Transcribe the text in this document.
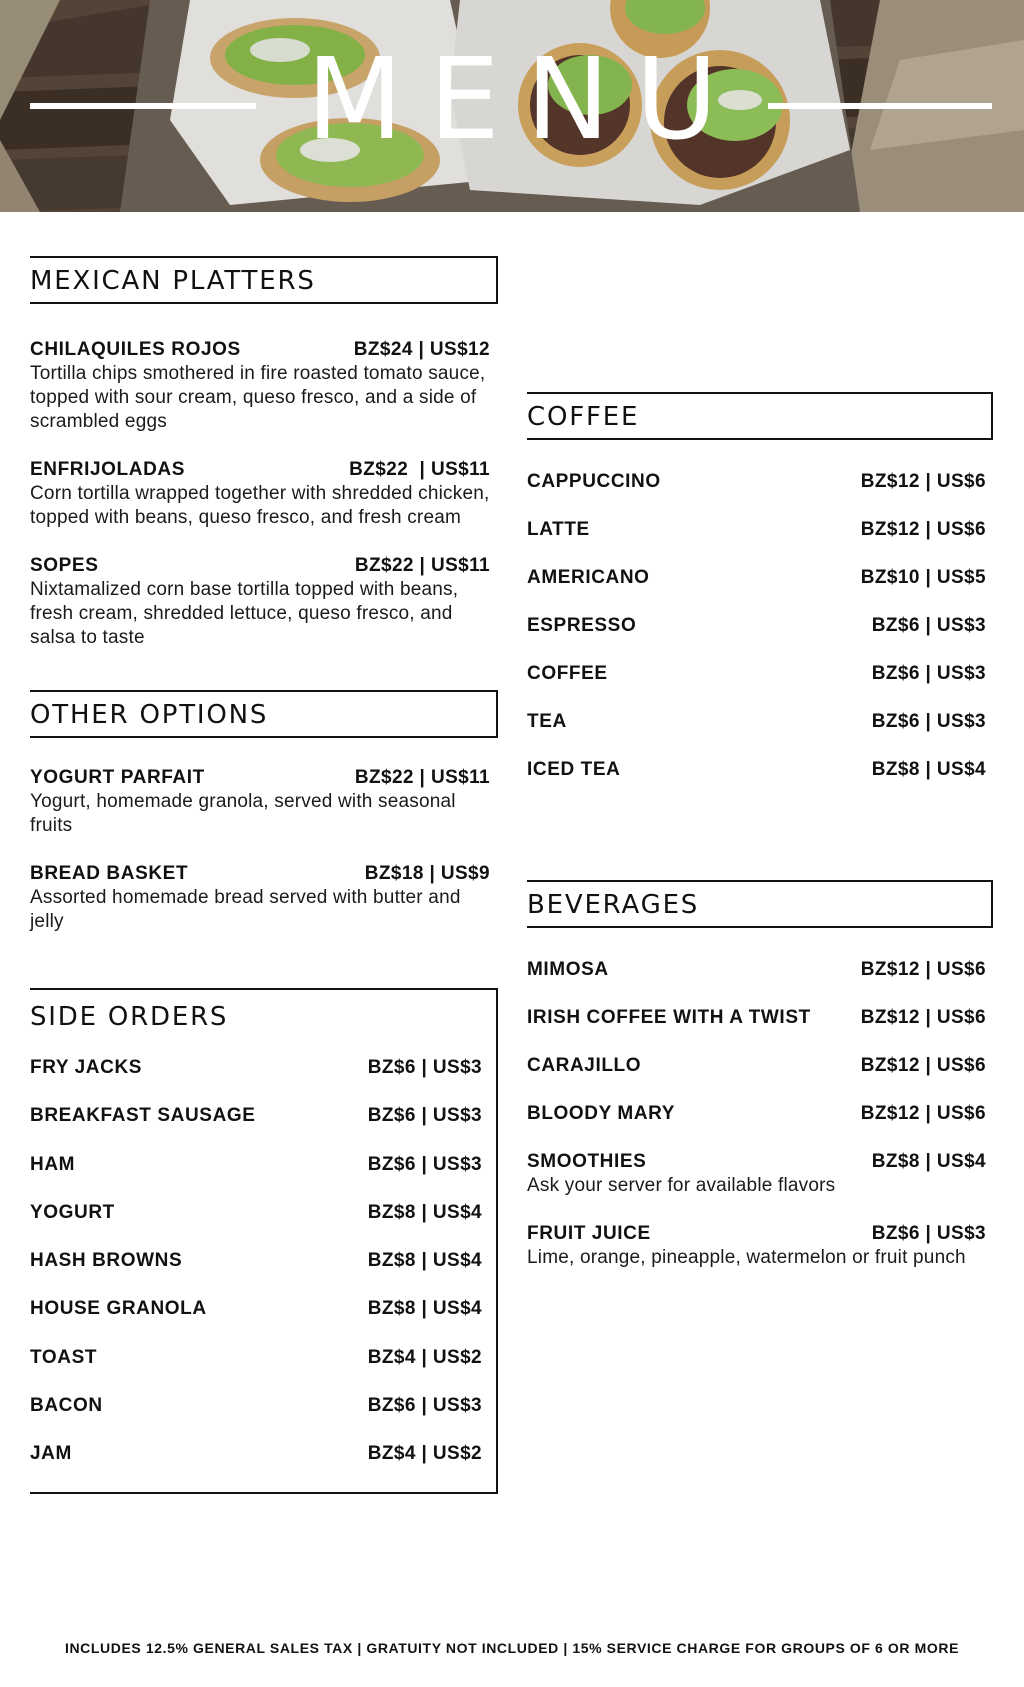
MENU
MEXICAN PLATTERS
CHILAQUILES ROJOS	BZ$24 | US$12
Tortilla chips smothered in fire roasted tomato sauce, topped with sour cream, queso fresco, and a side of scrambled eggs
ENFRIJOLADAS	BZ$22  | US$11
Corn tortilla wrapped together with shredded chicken, topped with beans, queso fresco, and fresh cream
SOPES	BZ$22 | US$11
Nixtamalized corn base tortilla topped with beans, fresh cream, shredded lettuce, queso fresco, and salsa to taste
OTHER OPTIONS
YOGURT PARFAIT	BZ$22 | US$11
Yogurt, homemade granola, served with seasonal fruits
BREAD BASKET	BZ$18 | US$9
Assorted homemade bread served with butter and jelly
SIDE ORDERS
FRY JACKS	BZ$6 | US$3
BREAKFAST SAUSAGE	BZ$6 | US$3
HAM	BZ$6 | US$3
YOGURT	BZ$8 | US$4
HASH BROWNS	BZ$8 | US$4
HOUSE GRANOLA	BZ$8 | US$4
TOAST	BZ$4 | US$2
BACON	BZ$6 | US$3
JAM	BZ$4 | US$2
COFFEE
CAPPUCCINO	BZ$12 | US$6
LATTE	BZ$12 | US$6
AMERICANO	BZ$10 | US$5
ESPRESSO	BZ$6 | US$3
COFFEE	BZ$6 | US$3
TEA	BZ$6 | US$3
ICED TEA	BZ$8 | US$4
BEVERAGES
MIMOSA	BZ$12 | US$6
IRISH COFFEE WITH A TWIST	BZ$12 | US$6
CARAJILLO	BZ$12 | US$6
BLOODY MARY	BZ$12 | US$6
SMOOTHIES	BZ$8 | US$4
Ask your server for available flavors
FRUIT JUICE	BZ$6 | US$3
Lime, orange, pineapple, watermelon or fruit punch
INCLUDES 12.5% GENERAL SALES TAX | GRATUITY NOT INCLUDED | 15% SERVICE CHARGE FOR GROUPS OF 6 OR MORE
